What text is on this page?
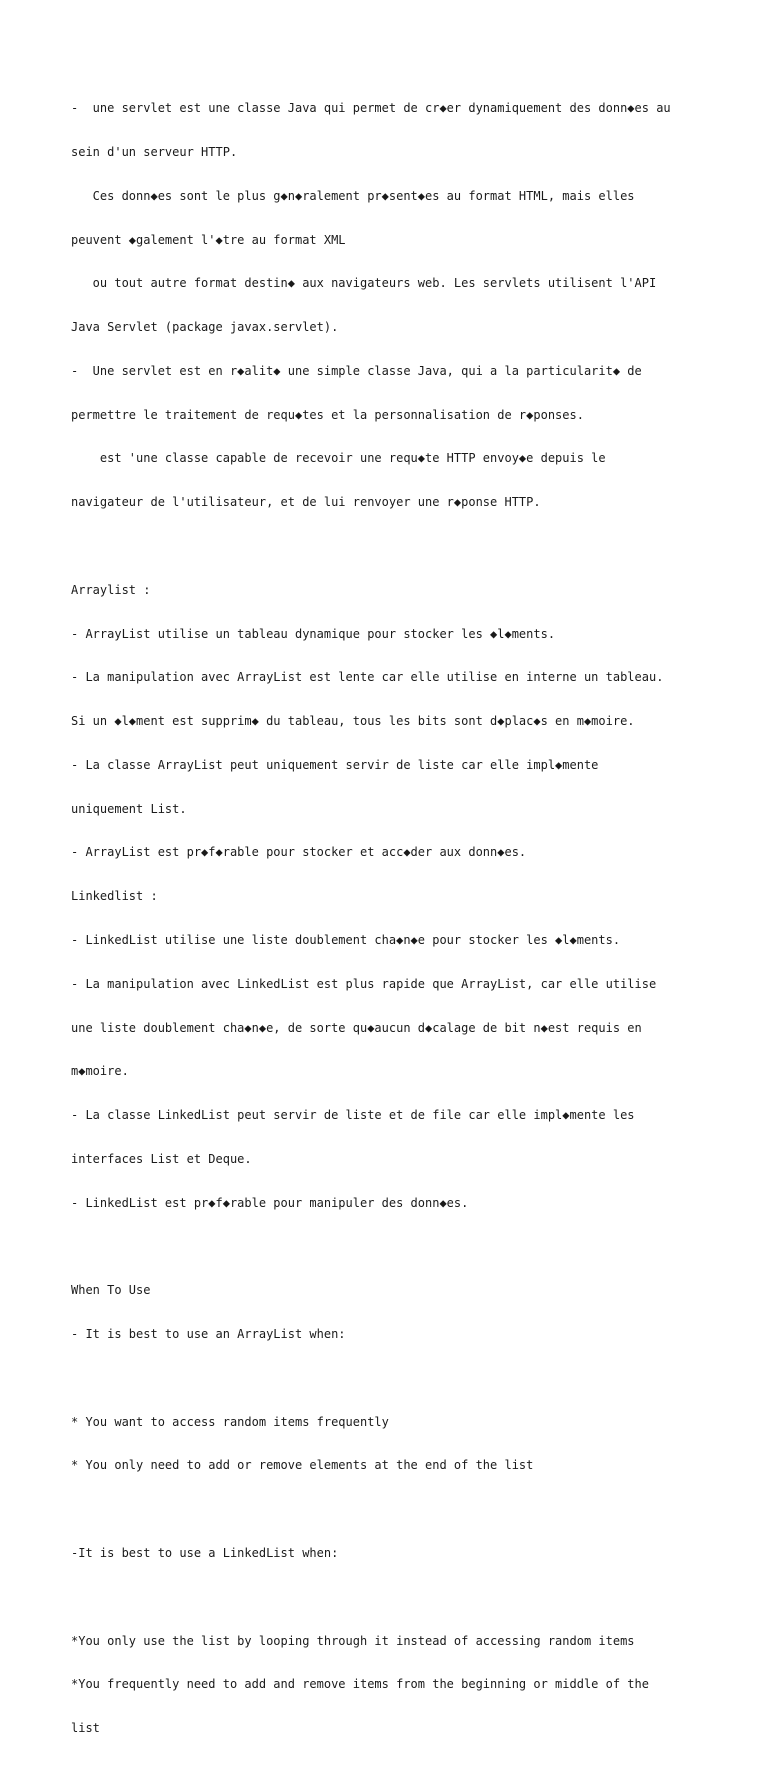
-  une servlet est une classe Java qui permet de cr◆er dynamiquement des donn◆es au

sein d'un serveur HTTP.

Ces donn◆es sont le plus g◆n◆ralement pr◆sent◆es au format HTML, mais elles

peuvent ◆galement l'◆tre au format XML

ou tout autre format destin◆ aux navigateurs web. Les servlets utilisent l'API

Java Servlet (package javax.servlet).

-  Une servlet est en r◆alit◆ une simple classe Java, qui a la particularit◆ de

permettre le traitement de requ◆tes et la personnalisation de r◆ponses.

est 'une classe capable de recevoir une requ◆te HTTP envoy◆e depuis le

navigateur de l'utilisateur, et de lui renvoyer une r◆ponse HTTP.

Arraylist :

- ArrayList utilise un tableau dynamique pour stocker les ◆l◆ments.

- La manipulation avec ArrayList est lente car elle utilise en interne un tableau.

Si un ◆l◆ment est supprim◆ du tableau, tous les bits sont d◆plac◆s en m◆moire.

- La classe ArrayList peut uniquement servir de liste car elle impl◆mente

uniquement List.

- ArrayList est pr◆f◆rable pour stocker et acc◆der aux donn◆es.

Linkedlist :

- LinkedList utilise une liste doublement cha◆n◆e pour stocker les ◆l◆ments.

- La manipulation avec LinkedList est plus rapide que ArrayList, car elle utilise

une liste doublement cha◆n◆e, de sorte qu◆aucun d◆calage de bit n◆est requis en

m◆moire.

- La classe LinkedList peut servir de liste et de file car elle impl◆mente les

interfaces List et Deque.

- LinkedList est pr◆f◆rable pour manipuler des donn◆es.

When To Use

- It is best to use an ArrayList when:

* You want to access random items frequently

* You only need to add or remove elements at the end of the list

-It is best to use a LinkedList when:

*You only use the list by looping through it instead of accessing random items

*You frequently need to add and remove items from the beginning or middle of the

list
